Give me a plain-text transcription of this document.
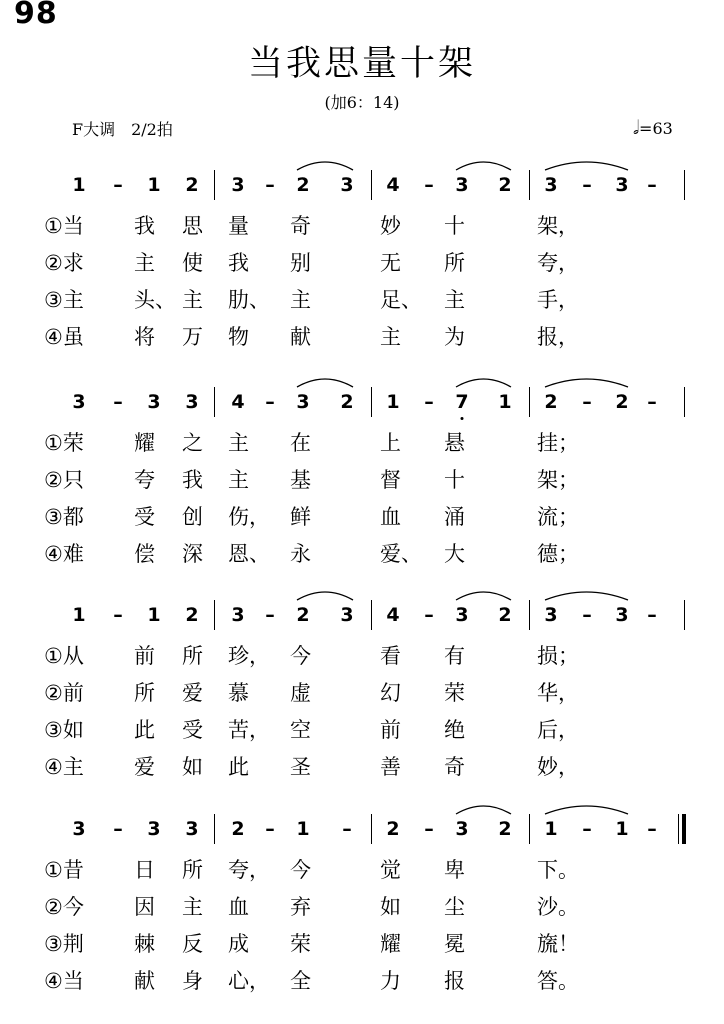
98
当我思量十架
(加6：14)
F大调　2/2拍	𝅗𝅥=63
1 – 1 2 3 – 2 3 4 – 3 2 3 – 3 –
①当 我 思 量 奇	妙 十	架，
②求 主 使 我 别	无 所	夸，
③主 头、 主 肋、 主	足、 主	手，
④虽 将 万 物 献	主 为	报，
3 – 3 3 4 – 3 2 1 – 7 1 2 – 2 –
①荣 耀 之 主 在	上 悬	挂；
②只 夸 我 主 基	督 十	架；
③都 受 创 伤， 鲜	血 涌	流；
④难 偿 深 恩、 永	爱、 大	德；
1 – 1 2 3 – 2 3 4 – 3 2 3 – 3 –
①从 前 所 珍， 今	看 有	损；
②前 所 爱 慕 虚	幻 荣	华，
③如 此 受 苦， 空	前 绝	后，
④主 爱 如 此 圣	善 奇	妙，
3 – 3 3 2 – 1 – 2 – 3 2 1 – 1 –
①昔 日 所 夸， 今	觉 卑	下。
②今 因 主 血 弃	如 尘	沙。
③荆 棘 反 成 荣	耀 冕	旒！
④当 献 身 心， 全	力 报	答。
